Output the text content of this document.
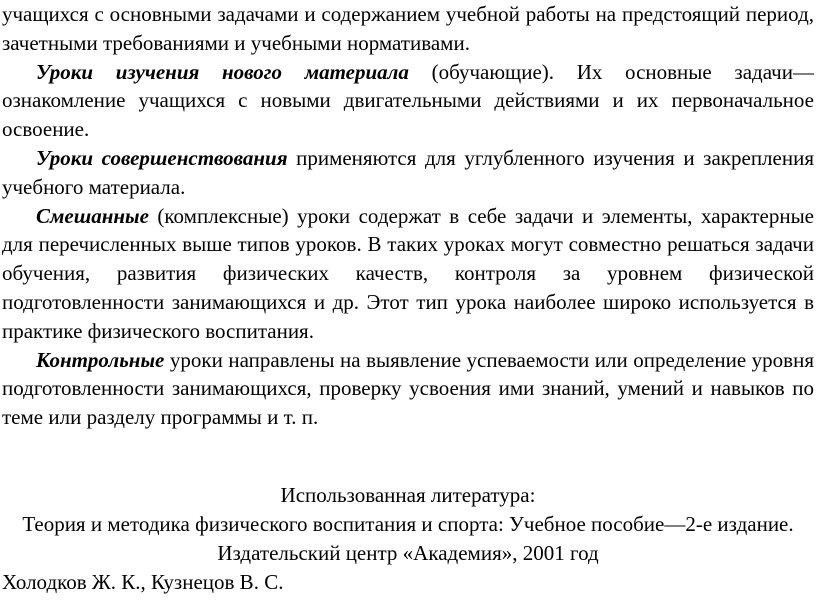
учащихся с основными задачами и содержанием учебной работы на предстоящий период, зачетными требованиями и учебными нормативами.

Уроки изучения нового материала (обучающие). Их основные задачи—ознакомление учащихся с новыми двигательными действиями и их первоначальное освоение.

Уроки совершенствования применяются для углубленного изучения и закрепления учебного материала.

Смешанные (комплексные) уроки содержат в себе задачи и элементы, характерные для перечисленных выше типов уроков. В таких уроках могут совместно решаться задачи обучения, развития физических качеств, контроля за уровнем физической подготовленности занимающихся и др. Этот тип урока наиболее широко используется в практике физического воспитания.

Контрольные уроки направлены на выявление успеваемости или определение уровня подготовленности занимающихся, проверку усвоения ими знаний, умений и навыков по теме или разделу программы и т. п.

Использованная литература:

Теория и методика физического воспитания и спорта: Учебное пособие—2-е издание. Издательский центр «Академия», 2001 год

Холодков Ж. К., Кузнецов В. С.
